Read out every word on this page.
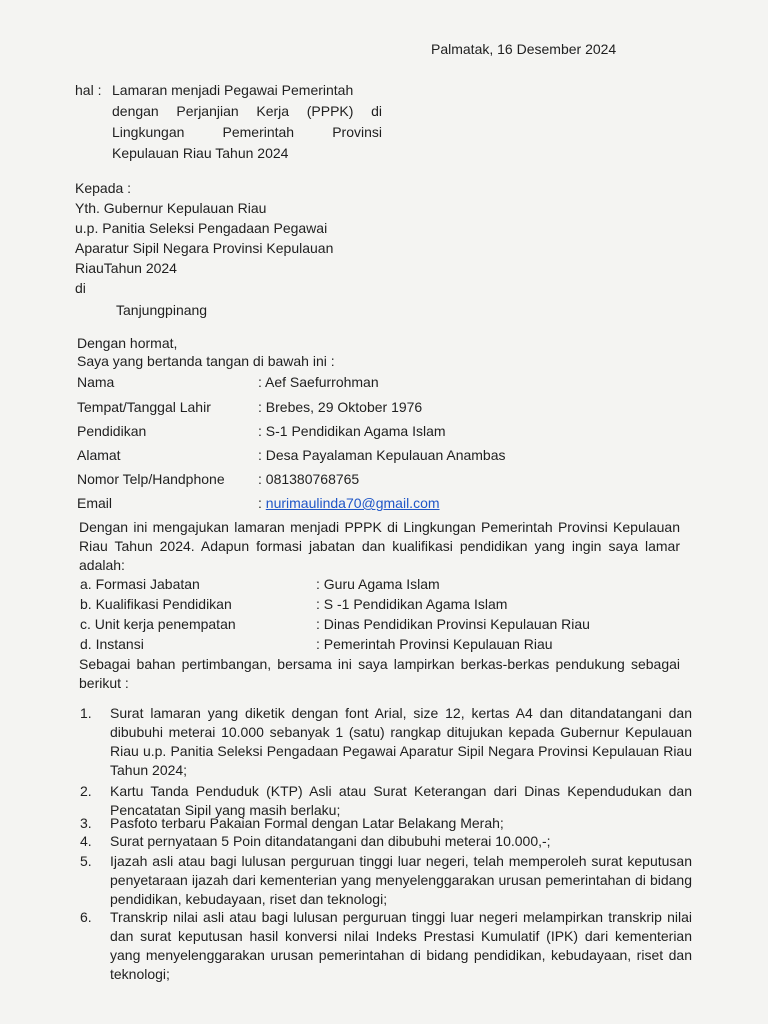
Palmatak, 16 Desember 2024
hal : Lamaran menjadi Pegawai Pemerintah
dengan Perjanjian Kerja (PPPK) di
Lingkungan Pemerintah Provinsi
Kepulauan Riau Tahun 2024
Kepada :
Yth. Gubernur Kepulauan Riau
u.p. Panitia Seleksi Pengadaan Pegawai
Aparatur Sipil Negara Provinsi Kepulauan
RiauTahun 2024
di
Tanjungpinang
Dengan hormat,
Saya yang bertanda tangan di bawah ini :
Nama	: Aef Saefurrohman
Tempat/Tanggal Lahir	: Brebes, 29 Oktober 1976
Pendidikan	: S-1 Pendidikan Agama Islam
Alamat	: Desa Payalaman Kepulauan Anambas
Nomor Telp/Handphone : 081380768765
Email	: nurimaulinda70@gmail.com
Dengan ini mengajukan lamaran menjadi PPPK di Lingkungan Pemerintah Provinsi Kepulauan Riau Tahun 2024. Adapun formasi jabatan dan kualifikasi pendidikan yang ingin saya lamar adalah:
a. Formasi Jabatan	: Guru Agama Islam
b. Kualifikasi Pendidikan	: S -1 Pendidikan Agama Islam
c. Unit kerja penempatan	: Dinas Pendidikan Provinsi Kepulauan Riau
d. Instansi	: Pemerintah Provinsi Kepulauan Riau
Sebagai bahan pertimbangan, bersama ini saya lampirkan berkas-berkas pendukung sebagai berikut :
1. Surat lamaran yang diketik dengan font Arial, size 12, kertas A4 dan ditandatangani dan dibubuhi meterai 10.000 sebanyak 1 (satu) rangkap ditujukan kepada Gubernur Kepulauan Riau u.p. Panitia Seleksi Pengadaan Pegawai Aparatur Sipil Negara Provinsi Kepulauan Riau Tahun 2024;
2. Kartu Tanda Penduduk (KTP) Asli atau Surat Keterangan dari Dinas Kependudukan dan Pencatatan Sipil yang masih berlaku;
3. Pasfoto terbaru Pakaian Formal dengan Latar Belakang Merah;
4. Surat pernyataan 5 Poin ditandatangani dan dibubuhi meterai 10.000,-;
5. Ijazah asli atau bagi lulusan perguruan tinggi luar negeri, telah memperoleh surat keputusan penyetaraan ijazah dari kementerian yang menyelenggarakan urusan pemerintahan di bidang pendidikan, kebudayaan, riset dan teknologi;
6. Transkrip nilai asli atau bagi lulusan perguruan tinggi luar negeri melampirkan transkrip nilai dan surat keputusan hasil konversi nilai Indeks Prestasi Kumulatif (IPK) dari kementerian yang menyelenggarakan urusan pemerintahan di bidang pendidikan, kebudayaan, riset dan teknologi;
